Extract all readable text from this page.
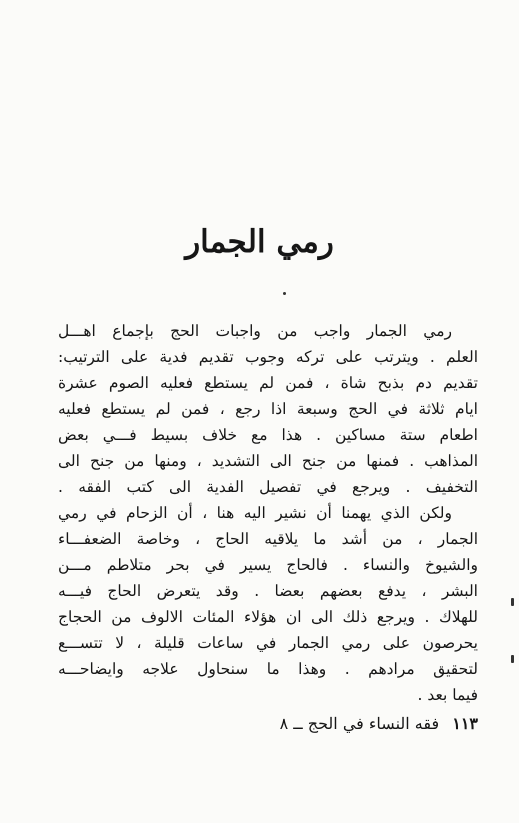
رمي الجمار
رمي الجمار واجب من واجبات الحج بإجماع اهـــل
العلم . ويترتب على تركه وجوب تقديم فدية على الترتيب:
تقديم دم بذبح شاة ، فمن لم يستطع فعليه الصوم عشرة
ايام ثلاثة في الحج وسبعة اذا رجع ، فمن لم يستطع فعليه
اطعام ستة مساكين . هذا مع خلاف بسيط فـــي بعض
المذاهب . فمنها من جنح الى التشديد ، ومنها من جنح الى
التخفيف . ويرجع في تفصيل الفدية الى كتب الفقه .
ولكن الذي يهمنا أن نشير اليه هنا ، أن الزحام في رمي
الجمار ، من أشد ما يلاقيه الحاج ، وخاصة الضعفـــاء
والشيوخ والنساء . فالحاج يسير في بحر متلاطم مـــن
البشر ، يدفع بعضهم بعضا . وقد يتعرض الحاج فيـــه
للهلاك . ويرجع ذلك الى ان هؤلاء المئات الالوف من الحجاج
يحرصون على رمي الجمار في ساعات قليلة ، لا تتســـع
لتحقيق مرادهم . وهذا ما سنحاول علاجه وايضاحـــه
فيما بعد .
١١٣ فقه النساء في الحج ــ ٨
